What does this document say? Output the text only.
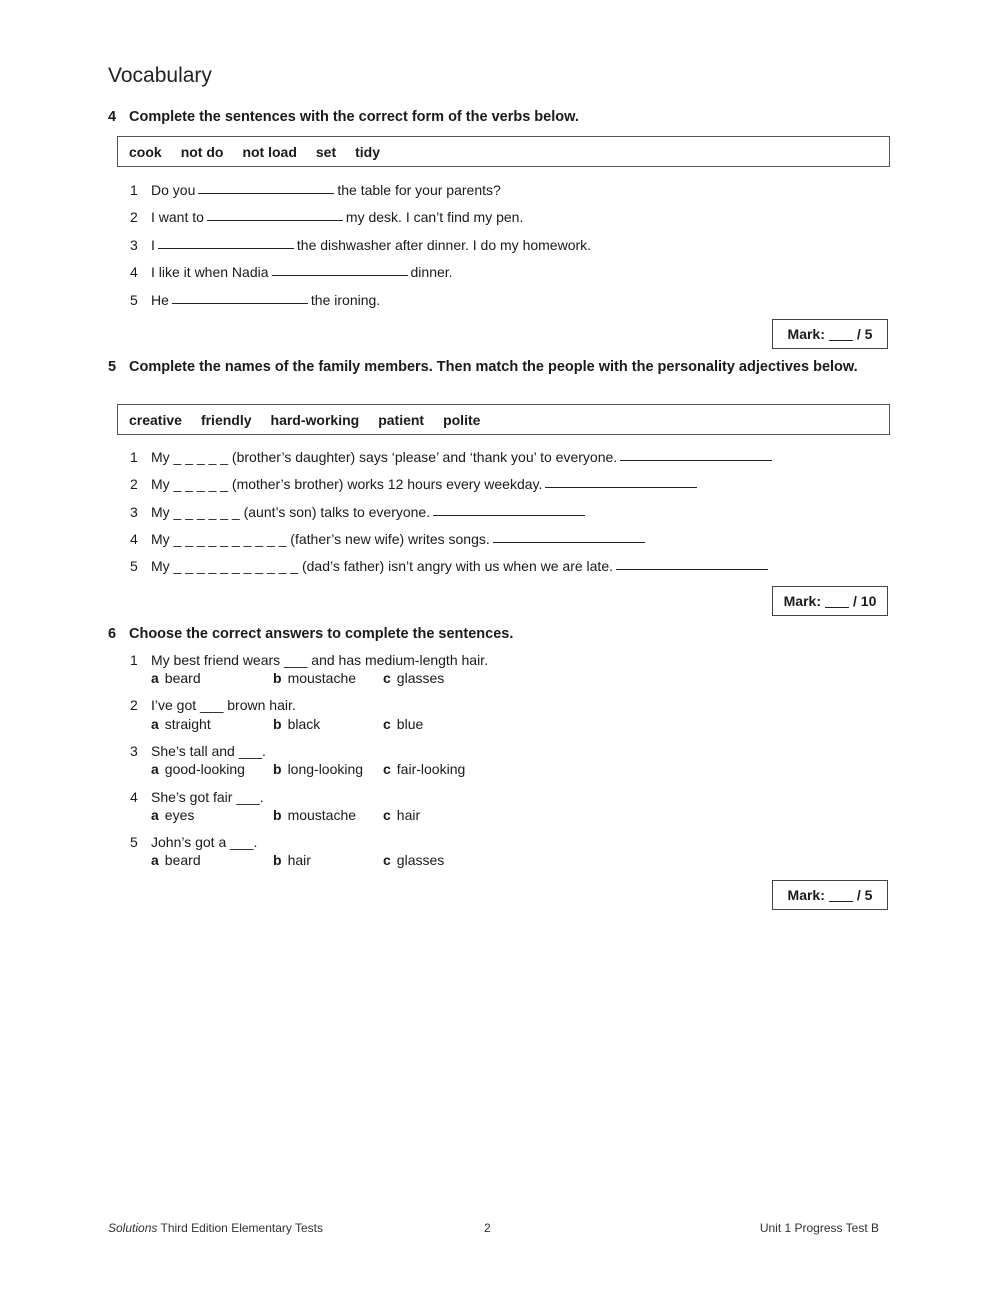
Vocabulary
4 Complete the sentences with the correct form of the verbs below.
cook not do not load set tidy
1 Do you	the table for your parents?
2 I want to	my desk. I can’t find my pen.
3 I	the dishwasher after dinner. I do my homework.
4 I like it when Nadia	dinner.
5 He	the ironing.
Mark: / 5
5 Complete the names of the family members. Then match the people with the personality adjectives below.
creative friendly hard-working patient polite
1 My _ _ _ _ _ (brother’s daughter) says ‘please’ and ‘thank you’ to everyone.
2 My _ _ _ _ _ (mother’s brother) works 12 hours every weekday.
3 My _ _ _ _ _ _ (aunt’s son) talks to everyone.
4 My _ _ _ _ _ _ _ _ _ _ (father’s new wife) writes songs.
5 My _ _ _ _ _ _ _ _ _ _ _ (dad’s father) isn’t angry with us when we are late.
Mark: / 10
6 Choose the correct answers to complete the sentences.
1 My best friend wears ___ and has medium-length hair.
a beard	b moustache c glasses
2 I’ve got ___ brown hair.
a straight	b black	c blue
3 She’s tall and ___.
a good-looking b long-looking c fair-looking
4 She’s got fair ___.
a eyes	b moustache c hair
5 John’s got a ___.
a beard	b hair	c glasses
Mark: / 5
Solutions Third Edition Elementary Tests	2	Unit 1 Progress Test B
